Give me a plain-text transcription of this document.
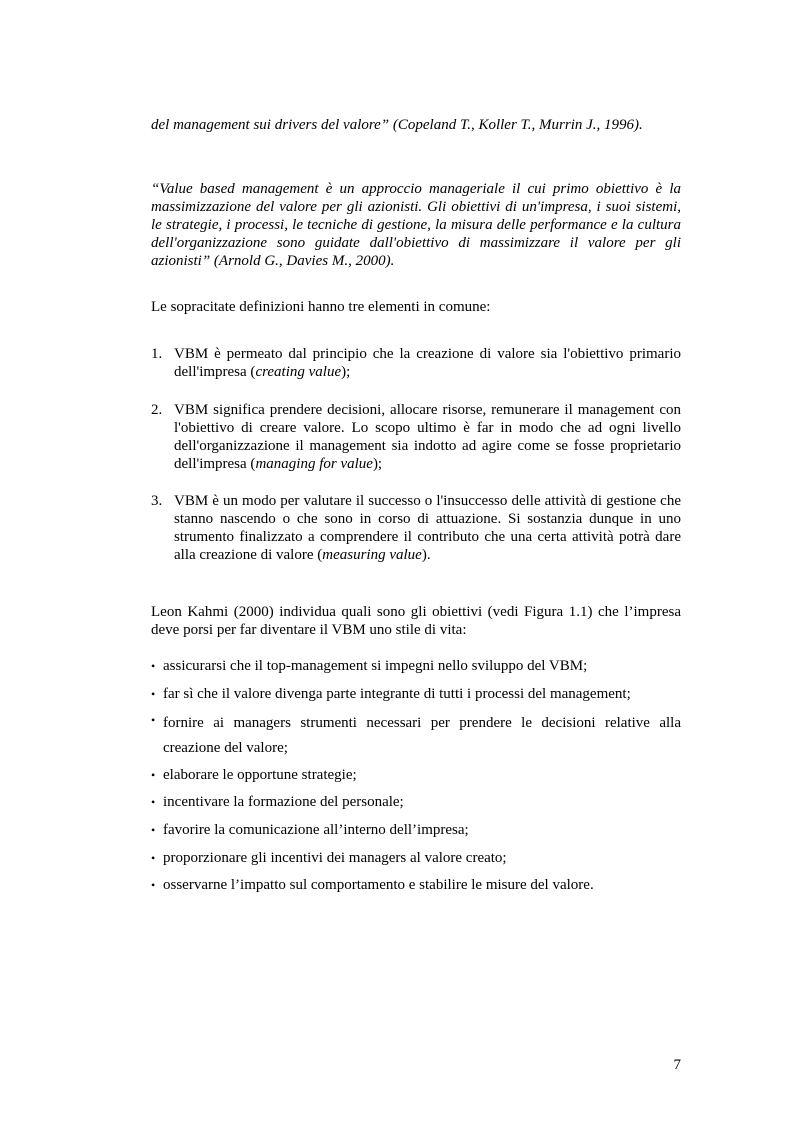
del management sui drivers del valore” (Copeland T., Koller T., Murrin J., 1996).
“Value based management è un approccio manageriale il cui primo obiettivo è la massimizzazione del valore per gli azionisti. Gli obiettivi di un'impresa, i suoi sistemi, le strategie, i processi, le tecniche di gestione, la misura delle performance e la cultura dell'organizzazione sono guidate dall'obiettivo di massimizzare il valore per gli azionisti” (Arnold G., Davies M., 2000).
Le sopracitate definizioni hanno tre elementi in comune:
1. VBM è permeato dal principio che la creazione di valore sia l'obiettivo primario dell'impresa (creating value);
2. VBM significa prendere decisioni, allocare risorse, remunerare il management con l'obiettivo di creare valore. Lo scopo ultimo è far in modo che ad ogni livello dell'organizzazione il management sia indotto ad agire come se fosse proprietario dell'impresa (managing for value);
3. VBM è un modo per valutare il successo o l'insuccesso delle attività di gestione che stanno nascendo o che sono in corso di attuazione. Si sostanzia dunque in uno strumento finalizzato a comprendere il contributo che una certa attività potrà dare alla creazione di valore (measuring value).
Leon Kahmi (2000) individua quali sono gli obiettivi (vedi Figura 1.1) che l’impresa deve porsi per far diventare il VBM uno stile di vita:
• assicurarsi che il top-management si impegni nello sviluppo del VBM;
• far sì che il valore divenga parte integrante di tutti i processi del management;
• fornire ai managers strumenti necessari per prendere le decisioni relative alla creazione del valore;
• elaborare le opportune strategie;
• incentivare la formazione del personale;
• favorire la comunicazione all’interno dell’impresa;
• proporzionare gli incentivi dei managers al valore creato;
• osservarne l’impatto sul comportamento e stabilire le misure del valore.
7
